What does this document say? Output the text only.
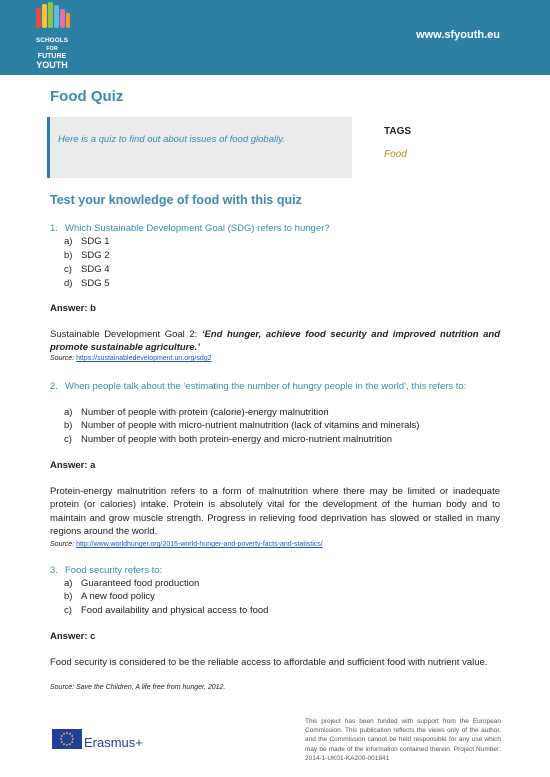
SCHOOLS
FOR
FUTURE
YOUTH
www.sfyouth.eu
Food Quiz
Here is a quiz to find out about issues of food globally.
TAGS
Food
Test your knowledge of food with this quiz
1. Which Sustainable Development Goal (SDG) refers to hunger?
a) SDG 1
b) SDG 2
c) SDG 4
d) SDG 5
Answer: b
Sustainable Development Goal 2: ‘End hunger, achieve food security and improved nutrition and promote sustainable agriculture.’
Source: https://sustainabledevelopment.un.org/sdg2
2. When people talk about the ‘estimating the number of hungry people in the world’, this refers to:
a) Number of people with protein (calorie)-energy malnutrition
b) Number of people with micro-nutrient malnutrition (lack of vitamins and minerals)
c) Number of people with both protein-energy and micro-nutrient malnutrition
Answer: a
Protein-energy malnutrition refers to a form of malnutrition where there may be limited or inadequate protein (or calories) intake. Protein is absolutely vital for the development of the human body and to maintain and grow muscle strength. Progress in relieving food deprivation has slowed or stalled in many regions around the world.
Source: http://www.worldhunger.org/2015-world-hunger-and-poverty-facts-and-statistics/
3. Food security refers to:
a) Guaranteed food production
b) A new food policy
c) Food availability and physical access to food
Answer: c
Food security is considered to be the reliable access to affordable and sufficient food with nutrient value.
Source: Save the Children, A life free from hunger, 2012.
Erasmus+
This project has been funded with support from the European Commission. This publication reflects the views only of the author, and the Commission cannot be held responsible for any use which may be made of the information contained therein. Project Number: 2014-1-UK01-KA200-001841
